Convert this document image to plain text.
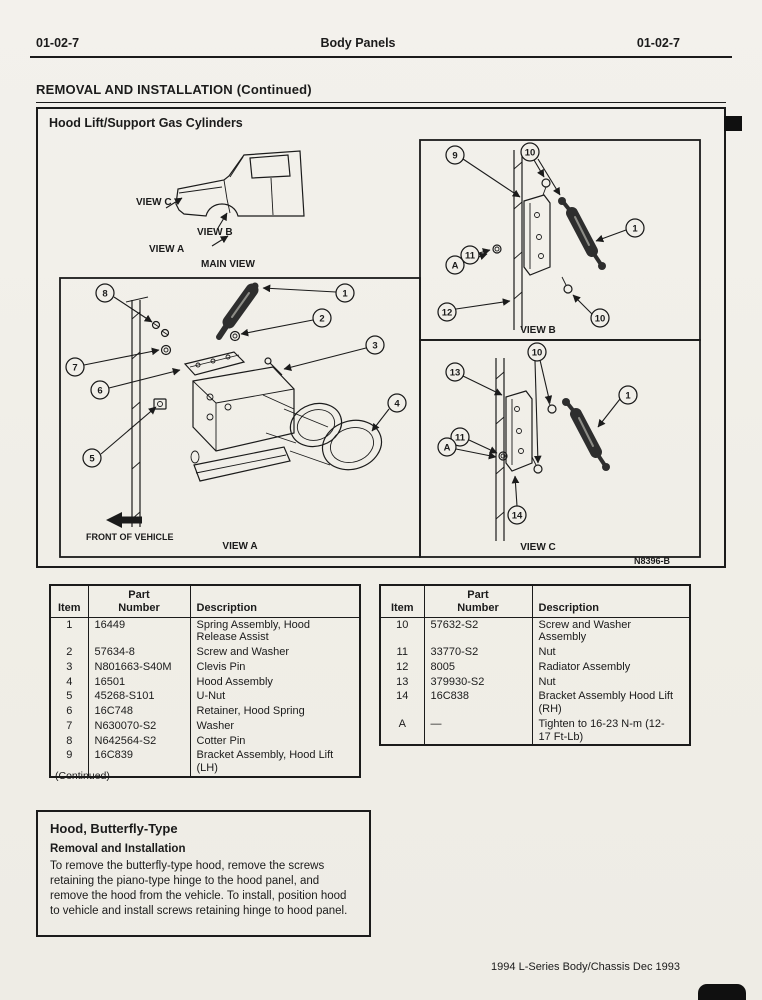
01-02-7	Body Panels	01-02-7
REMOVAL AND INSTALLATION (Continued)
Hood Lift/Support Gas Cylinders
VIEW C
VIEW B
VIEW A
MAIN VIEW
8	1
2
3
7
6
4
5
FRONT OF VEHICLE
VIEW A
9	10
1
11
A
12
10
VIEW B
13
10
1
11
A
14
VIEW C
N8396-B
Item	Part Number	Description
1	16449	Spring Assembly, Hood Release Assist
2	57634-8	Screw and Washer
3	N801663-S40M	Clevis Pin
4	16501	Hood Assembly
5	45268-S101	U-Nut
6	16C748	Retainer, Hood Spring
7	N630070-S2	Washer
8	N642564-S2	Cotter Pin
9	16C839	Bracket Assembly, Hood Lift (LH)
Item	Part Number	Description
10	57632-S2	Screw and Washer Assembly
11	33770-S2	Nut
12	8005	Radiator Assembly
13	379930-S2	Nut
14	16C838	Bracket Assembly Hood Lift (RH)
A	—	Tighten to 16-23 N-m (12-17 Ft-Lb)
(Continued)
Hood, Butterfly-Type
Removal and Installation
To remove the butterfly-type hood, remove the screws retaining the piano-type hinge to the hood panel, and remove the hood from the vehicle. To install, position hood to vehicle and install screws retaining hinge to hood panel.
1994 L-Series Body/Chassis Dec 1993
